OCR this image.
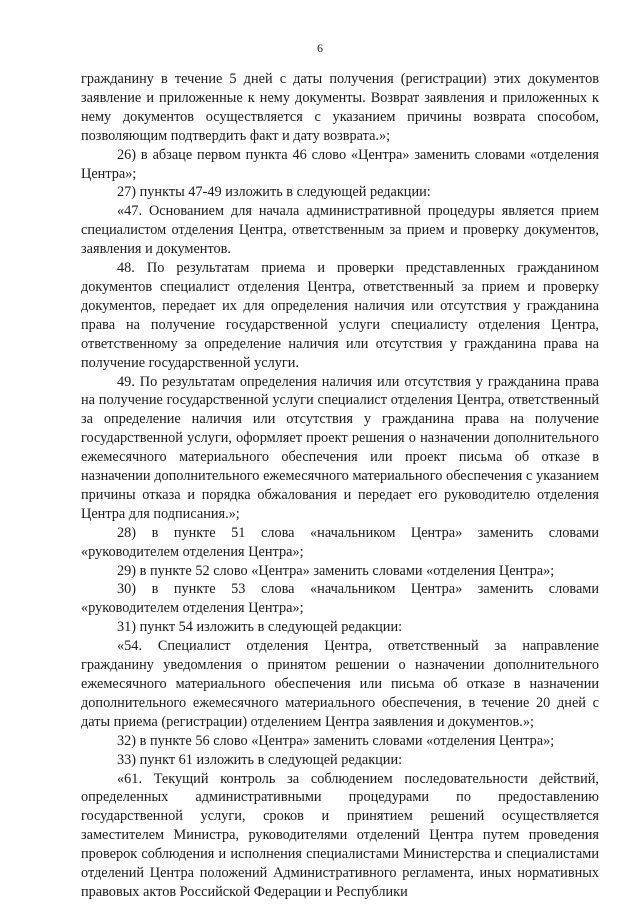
6

гражданину в течение 5 дней с даты получения (регистрации) этих документов заявление и приложенные к нему документы. Возврат заявления и приложенных к нему документов осуществляется с указанием причины возврата способом, позволяющим подтвердить факт и дату возврата.»;

26) в абзаце первом пункта 46 слово «Центра» заменить словами «отделения Центра»;

27) пункты 47-49 изложить в следующей редакции:

«47. Основанием для начала административной процедуры является прием специалистом отделения Центра, ответственным за прием и проверку документов, заявления и документов.

48. По результатам приема и проверки представленных гражданином документов специалист отделения Центра, ответственный за прием и проверку документов, передает их для определения наличия или отсутствия у гражданина права на получение государственной услуги специалисту отделения Центра, ответственному за определение наличия или отсутствия у гражданина права на получение государственной услуги.

49. По результатам определения наличия или отсутствия у гражданина права на получение государственной услуги специалист отделения Центра, ответственный за определение наличия или отсутствия у гражданина права на получение государственной услуги, оформляет проект решения о назначении дополнительного ежемесячного материального обеспечения или проект письма об отказе в назначении дополнительного ежемесячного материального обеспечения с указанием причины отказа и порядка обжалования и передает его руководителю отделения Центра для подписания.»;

28) в пункте 51 слова «начальником Центра» заменить словами «руководителем отделения Центра»;

29) в пункте 52 слово «Центра» заменить словами «отделения Центра»;

30) в пункте 53 слова «начальником Центра» заменить словами «руководителем отделения Центра»;

31) пункт 54 изложить в следующей редакции:

«54. Специалист отделения Центра, ответственный за направление гражданину уведомления о принятом решении о назначении дополнительного ежемесячного материального обеспечения или письма об отказе в назначении дополнительного ежемесячного материального обеспечения, в течение 20 дней с даты приема (регистрации) отделением Центра заявления и документов.»;

32) в пункте 56 слово «Центра» заменить словами «отделения Центра»;

33) пункт 61 изложить в следующей редакции:

«61. Текущий контроль за соблюдением последовательности действий, определенных административными процедурами по предоставлению государственной услуги, сроков и принятием решений осуществляется заместителем Министра, руководителями отделений Центра путем проведения проверок соблюдения и исполнения специалистами Министерства и специалистами отделений Центра положений Административного регламента, иных нормативных правовых актов Российской Федерации и Республики
